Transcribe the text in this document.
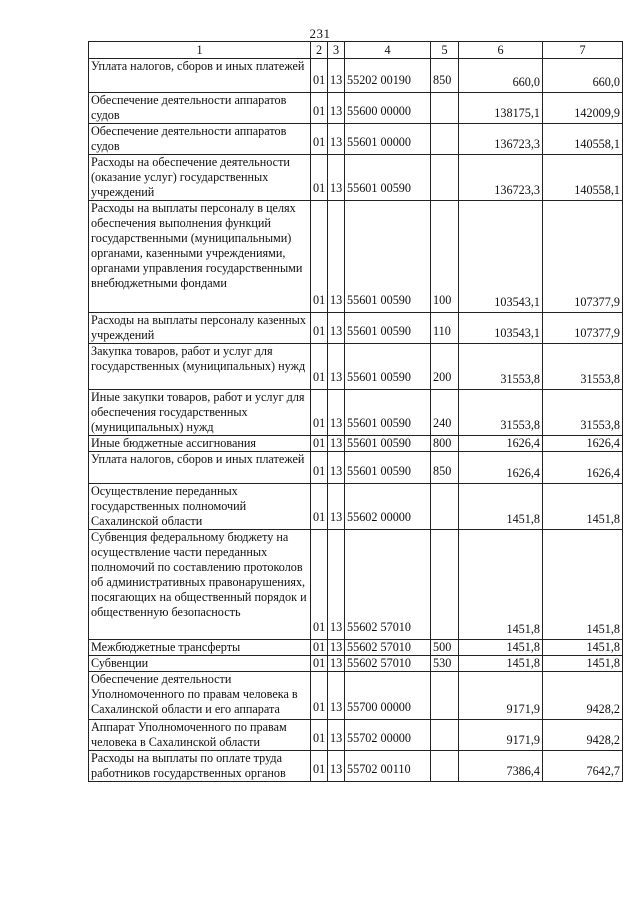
231
1	2	3	4	5	6	7

Уплата налогов, сборов и иных платежей	01	13	55202 00190	850	660,0	660,0

Обеспечение деятельности аппаратов судов	01	13	55600 00000		138175,1	142009,9

Обеспечение деятельности аппаратов судов	01	13	55601 00000		136723,3	140558,1

Расходы на обеспечение деятельности (оказание услуг) государственных учреждений	01	13	55601 00590		136723,3	140558,1

Расходы на выплаты персоналу в целях обеспечения выполнения функций государственными (муниципальными) органами, казенными учреждениями, органами управления государственными внебюджетными фондами	01	13	55601 00590	100	103543,1	107377,9

Расходы на выплаты персоналу казенных учреждений	01	13	55601 00590	110	103543,1	107377,9

Закупка товаров, работ и услуг для государственных (муниципальных) нужд	01	13	55601 00590	200	31553,8	31553,8

Иные закупки товаров, работ и услуг для обеспечения государственных (муниципальных) нужд	01	13	55601 00590	240	31553,8	31553,8

Иные бюджетные ассигнования	01	13	55601 00590	800	1626,4	1626,4

Уплата налогов, сборов и иных платежей	01	13	55601 00590	850	1626,4	1626,4

Осуществление переданных государственных полномочий Сахалинской области	01	13	55602 00000		1451,8	1451,8

Субвенция федеральному бюджету на осуществление части переданных полномочий по составлению протоколов об административных правонарушениях, посягающих на общественный порядок и общественную безопасность	01	13	55602 57010		1451,8	1451,8

Межбюджетные трансферты	01	13	55602 57010	500	1451,8	1451,8

Субвенции	01	13	55602 57010	530	1451,8	1451,8

Обеспечение деятельности Уполномоченного по правам человека в Сахалинской области и его аппарата	01	13	55700 00000		9171,9	9428,2

Аппарат Уполномоченного по правам человека в Сахалинской области	01	13	55702 00000		9171,9	9428,2

Расходы на выплаты по оплате труда работников государственных органов	01	13	55702 00110		7386,4	7642,7
